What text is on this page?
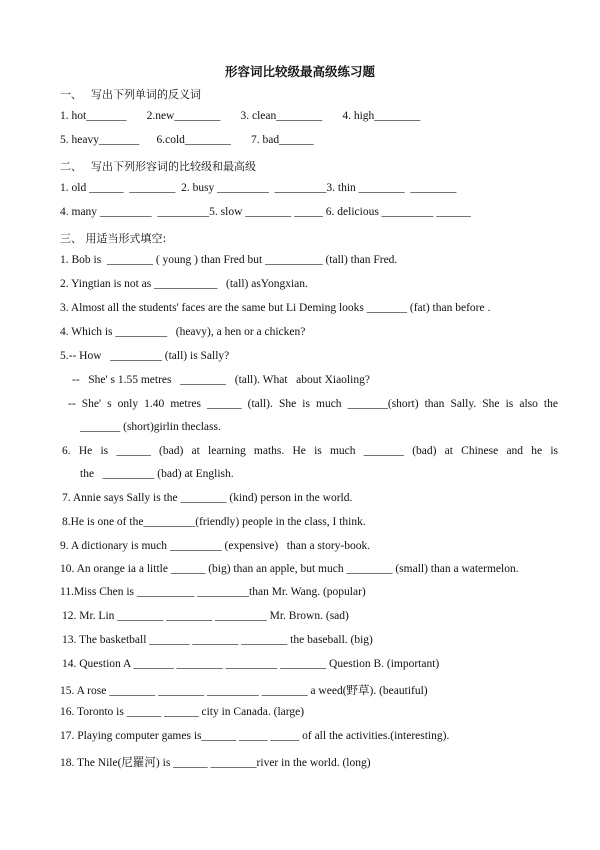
形容词比较级最高级练习题
一、　 写出下列单词的反义词
1. hot_______       2.new________       3. clean________       4. high________
5. heavy_______      6.cold________       7. bad______
二、　 写出下列形容词的比较级和最高级
1. old ______  ________  2. busy _________  _________3. thin ________  ________
4. many _________  _________5. slow ________ _____ 6. delicious _________ ______
三、 用适当形式填空:
1. Bob is  ________ ( young ) than Fred but __________ (tall) than Fred.
2. Yingtian is not as ___________   (tall) asYongxian.
3. Almost all the students' faces are the same but Li Deming looks _______ (fat) than before .
4. Which is _________   (heavy), a hen or a chicken?
5.-- How   _________ (tall) is Sally?
--   She' s 1.55 metres   ________   (tall). What   about Xiaoling?
-- She' s only 1.40 metres ______ (tall). She is much _______(short) than Sally. She is also the
_______ (short)girlin theclass.
6. He is ______ (bad) at learning maths. He is much _______ (bad) at Chinese and he is
the   _________ (bad) at English.
7. Annie says Sally is the ________ (kind) person in the world.
8.He is one of the_________(friendly) people in the class, I think.
9. A dictionary is much _________ (expensive)   than a story-book.
10. An orange ia a little ______ (big) than an apple, but much ________ (small) than a watermelon.
11.Miss Chen is __________ _________than Mr. Wang. (popular)
12. Mr. Lin ________ ________ _________ Mr. Brown. (sad)
13. The basketball _______ ________ ________ the baseball. (big)
14. Question A _______ ________ _________ ________ Question B. (important)
15. A rose ________ ________ _________ ________ a weed(野草). (beautiful)
16. Toronto is ______ ______ city in Canada. (large)
17. Playing computer games is______ _____ _____ of all the activities.(interesting).
18. The Nile(尼羅河) is ______ ________river in the world. (long)
